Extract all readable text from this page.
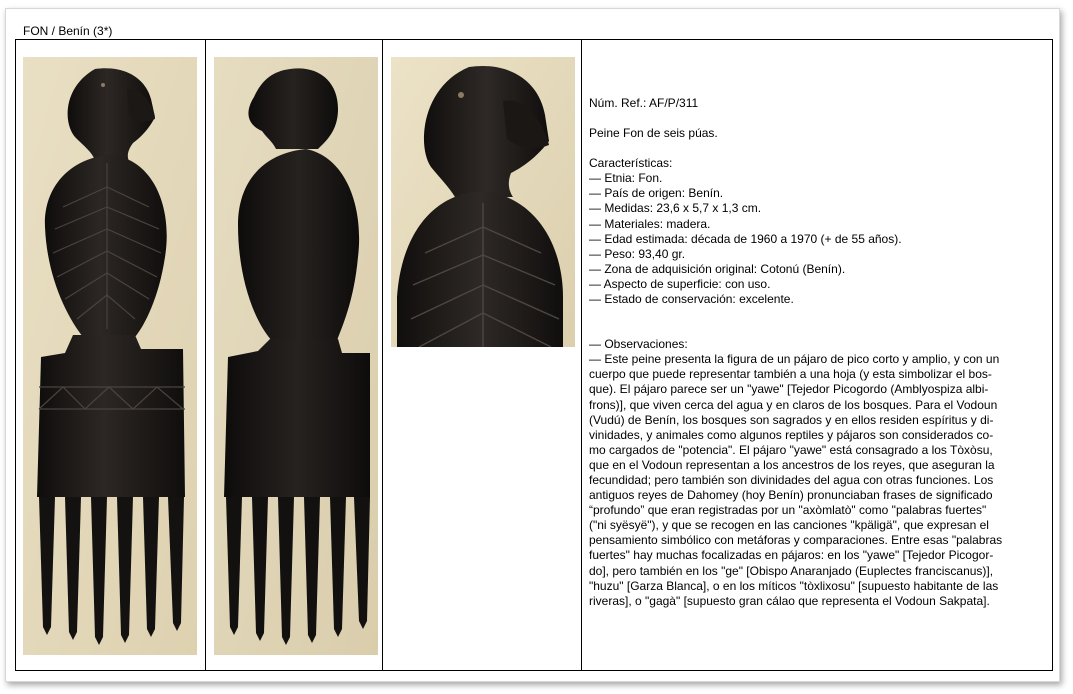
FON / Benín (3*)

Núm. Ref.: AF/P/311

Peine Fon de seis púas.

Características:

— Etnia: Fon.

— País de origen: Benín.

— Medidas: 23,6 x 5,7 x 1,3 cm.

— Materiales: madera.

— Edad estimada: década de 1960 a 1970 (+ de 55 años).

— Peso: 93,40 gr.

— Zona de adquisición original: Cotonú (Benín).

— Aspecto de superficie: con uso.

— Estado de conservación: excelente.

— Observaciones:

— Este peine presenta la figura de un pájaro de pico corto y amplio, y con un

cuerpo que puede representar también a una hoja (y esta simbolizar el bos-

que). El pájaro parece ser un "yawe" [Tejedor Picogordo (Amblyospiza albi-

frons)], que viven cerca del agua y en claros de los bosques. Para el Vodoun

(Vudú) de Benín, los bosques son sagrados y en ellos residen espíritus y di-

vinidades, y animales como algunos reptiles y pájaros son considerados co-

mo cargados de "potencia". El pájaro "yawe" está consagrado a los Tòxòsu,

que en el Vodoun representan a los ancestros de los reyes, que aseguran la

fecundidad; pero también son divinidades del agua con otras funciones. Los

antiguos reyes de Dahomey (hoy Benín) pronunciaban frases de significado

“profundo” que eran registradas por un "axòmlatò" como "palabras fuertes"

("ni syësyë"), y que se recogen en las canciones "kpäligä", que expresan el

pensamiento simbólico con metáforas y comparaciones. Entre esas "palabras

fuertes" hay muchas focalizadas en pájaros: en los "yawe" [Tejedor Picogor-

do], pero también en los "ge" [Obispo Anaranjado (Euplectes franciscanus)],

"huzu" [Garza Blanca], o en los míticos "tòxlixosu" [supuesto habitante de las

riveras], o "gagà" [supuesto gran cálao que representa el Vodoun Sakpata].
